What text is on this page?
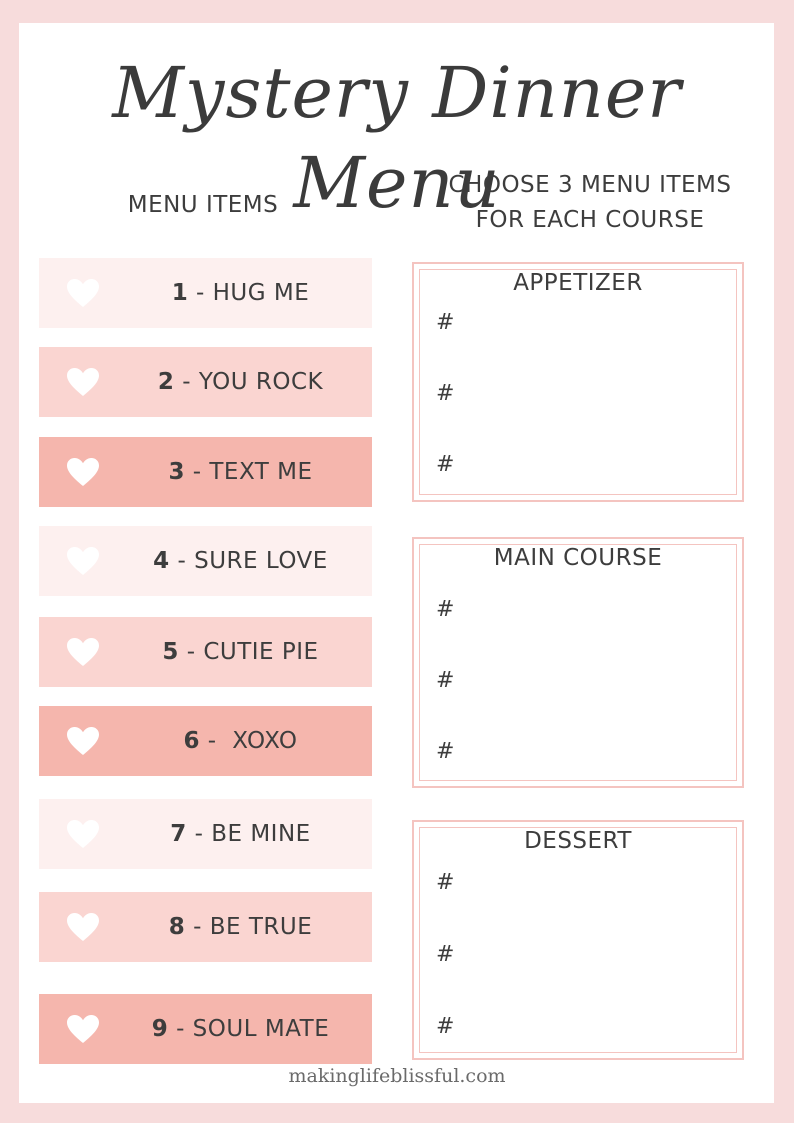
Mystery Dinner Menu
MENU ITEMS
CHOOSE 3 MENU ITEMS
FOR EACH COURSE
1 - HUG ME
2 - YOU ROCK
3 - TEXT ME
4 - SURE LOVE
5 - CUTIE PIE
6 -  XOXO
7 - BE MINE
8 - BE TRUE
9 - SOUL MATE
APPETIZER
#
#
#
MAIN COURSE
#
#
#
DESSERT
#
#
#
makinglifeblissful.com
